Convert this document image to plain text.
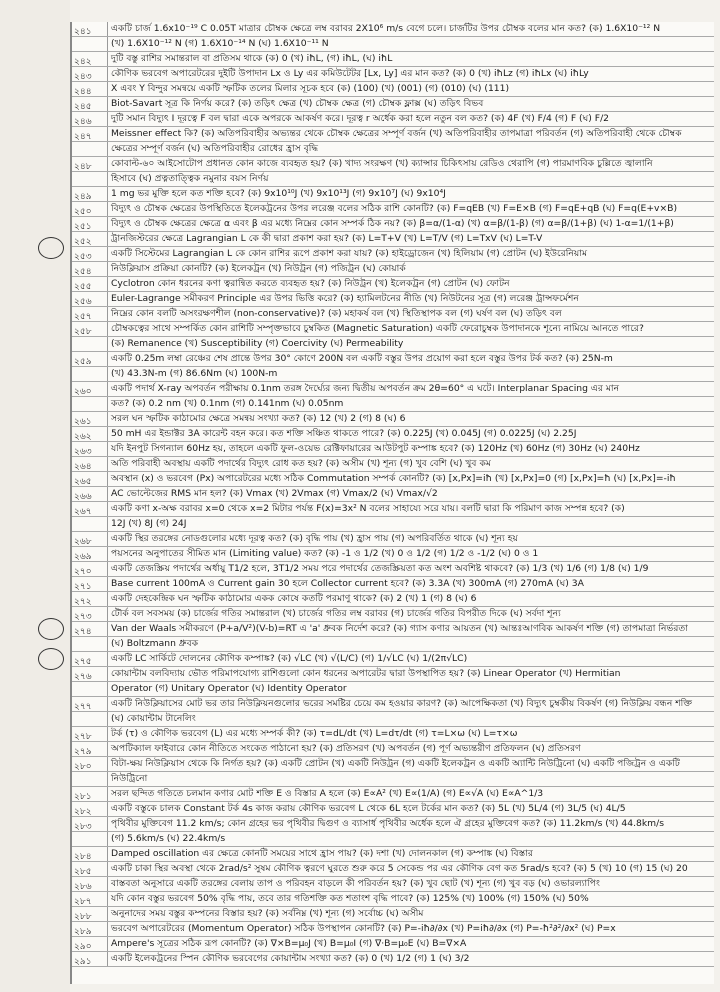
২৪১	একটি চার্জ 1.6x10⁻¹⁹ C 0.05T মাত্রার চৌম্বক ক্ষেত্রে লম্ব বরাবর 2X10⁶ m/s বেগে চলে। চার্জটির উপর চৌম্বক বলের মান কত? (ক) 1.6X10⁻¹² N
(খ) 1.6X10⁻¹² N (গ) 1.6X10⁻¹⁴ N (ঘ) 1.6X10⁻¹¹ N
২৪২	দুটি বস্তু রাশির সমান্তরাল বা প্রতিসম থাকে (ক) 0 (খ) iħL, (গ) iħL, (ঘ) iħL
২৪৩	কৌণিক ভরবেগ অপারেটরের দুইটি উপাদান Lx ও Ly এর কমিউটেটর [Lx, Ly] এর মান কত? (ক) 0 (খ) iħLz (গ) iħLx (ঘ) iħLy
২৪৪	X এবং Y বিন্দুর সমন্বয়ে একটি স্ফটিক তলের মিলার সূচক হবে (ক) (100) (খ) (001) (গ) (010) (ঘ) (111)
২৪৫	Biot-Savart সূত্র কি নির্ণয় করে? (ক) তড়িৎ ক্ষেত্র (খ) চৌম্বক ক্ষেত্র (গ) চৌম্বক ফ্লাক্স (ঘ) তড়িৎ বিভব
২৪৬	দুটি সমান বিদ্যুৎ I দূরত্বে F বল দ্বারা একে অপরকে আকর্ষণ করে। দূরত্ব r অর্ধেক করা হলে নতুন বল কত? (ক) 4F (খ) F/4 (গ) F (ঘ) F/2
২৪৭	Meissner effect কি? (ক) অতিপরিবাহীর অভ্যন্তর থেকে চৌম্বক ক্ষেত্রের সম্পূর্ণ বর্জন (খ) অতিপরিবাহীর তাপমাত্রা পরিবর্তন (গ) অতিপরিবাহী থেকে চৌম্বক
ক্ষেত্রের সম্পূর্ণ বর্জন (ঘ) অতিপরিবাহীর রোধের হ্রাস বৃদ্ধি
২৪৮	কোবাল্ট-৬০ আইসোটোপ প্রধানত কোন কাজে ব্যবহৃত হয়? (ক) খাদ্য সংরক্ষণ (খ) ক্যান্সার চিকিৎসায় রেডিও থেরাপি (গ) পারমাণবিক চুল্লিতে জ্বালানি
হিসাবে (ঘ) প্রত্নতাত্ত্বিক নমুনার বয়স নির্ণয়
২৪৯	1 mg ভর মুক্তি হলে কত শক্তি হবে? (ক) 9x10¹⁰J (খ) 9x10¹³J (গ) 9x10⁷J (ঘ) 9x10⁴J
২৫০	বিদ্যুৎ ও চৌম্বক ক্ষেত্রের উপস্থিতিতে ইলেকট্রনের উপর লরেঞ্জ বলের সঠিক রাশি কোনটি? (ক) F=qEB (খ) F=E×B (গ) F=qE+qB (ঘ) F=q(E+v×B)
২৫১	বিদ্যুৎ ও চৌম্বক ক্ষেত্রের ক্ষেত্রে α এবং β এর মধ্যে নিম্নের কোন সম্পর্ক ঠিক নয়? (ক) β=α/(1-α) (খ) α=β/(1-β) (গ) α=β/(1+β) (ঘ) 1-α=1/(1+β)
২৫২	ট্রানজিস্টরের ক্ষেত্রে Lagrangian L কে কী দ্বারা প্রকাশ করা হয়? (ক) L=T+V (খ) L=T/V (গ) L=TxV (ঘ) L=T-V
২৫৩	একটি সিস্টেমের Lagrangian L কে কোন রাশির রূপে প্রকাশ করা যায়? (ক) হাইড্রোজেন (খ) হিলিয়াম (গ) প্রোটন (ঘ) ইউরেনিয়াম
২৫৪	নিউক্লিয়াস প্রক্রিয়া কোনটি? (ক) ইলেকট্রন (খ) নিউট্রন (গ) পজিট্রন (ঘ) কোয়ার্ক
২৫৫	Cyclotron কোন ধরনের কণা ত্বরান্বিত করতে ব্যবহৃত হয়? (ক) নিউট্রন (খ) ইলেকট্রন (গ) প্রোটন (ঘ) ফোটন
২৫৬	Euler-Lagrange সমীকরণ Principle এর উপর ভিত্তি করে? (ক) হ্যামিলটনের নীতি (খ) নিউটনের সূত্র (গ) লরেঞ্জ ট্রান্সফর্মেশন
২৫৭	নিম্নের কোন বলটি অসংরক্ষণশীল (non-conservative)? (ক) মহাকর্ষ বল (খ) স্থিতিস্থাপক বল (গ) ঘর্ষণ বল (ঘ) তড়িৎ বল
২৫৮	চৌম্বকত্বের সাথে সম্পর্কিত কোন রাশিটি সম্পৃক্তভাবে চুম্বকিত (Magnetic Saturation) একটি ফেরোচুম্বক উপাদানকে শূন্যে নামিয়ে আনতে পারে?
(ক) Remanence (খ) Susceptibility (গ) Coercivity (ঘ) Permeability
২৫৯	একটি 0.25m লম্বা রেঞ্চের শেষ প্রান্তে উপর 30° কোণে 200N বল একটি বস্তুর উপর প্রয়োগ করা হলে বস্তুর উপর টর্ক কত? (ক) 25N-m
(খ) 43.3N-m (গ) 86.6Nm (ঘ) 100N-m
২৬০	একটি পদার্থ X-ray অপবর্তন পরীক্ষায় 0.1nm তরঙ্গ দৈর্ঘ্যের জন্য দ্বিতীয় অপবর্তন ক্রম 2θ=60° এ ঘটে। Interplanar Spacing এর মান
কত? (ক) 0.2 nm (খ) 0.1nm (গ) 0.141nm (ঘ) 0.05nm
২৬১	সরল ঘন স্ফটিক কাঠামোর ক্ষেত্রে সমন্বয় সংখ্যা কত? (ক) 12 (খ) 2 (গ) 8 (ঘ) 6
২৬২	50 mH এর ইন্ডাক্টর 3A কারেন্ট বহন করে। কত শক্তি সঞ্চিত থাকতে পারে? (ক) 0.225J (খ) 0.045J (গ) 0.0225J (ঘ) 2.25J
২৬৩	যদি ইনপুট সিগন্যাল 60Hz হয়, তাহলে একটি ফুল-ওয়েভ রেক্টিফায়ারের আউটপুট কম্পাঙ্ক হবে? (ক) 120Hz (খ) 60Hz (গ) 30Hz (ঘ) 240Hz
২৬৪	অতি পরিবাহী অবস্থায় একটি পদার্থের বিদ্যুৎ রোধ কত হয়? (ক) অসীম (খ) শূন্য (গ) খুব বেশি (ঘ) খুব কম
২৬৫	অবস্থান (x) ও ভরবেগ (Px) অপারেটরের মধ্যে সঠিক Commutation সম্পর্ক কোনটি? (ক) [x,Px]=iħ (খ) [x,Px]=0 (গ) [x,Px]=ħ (ঘ) [x,Px]=-iħ
২৬৬	AC ভোল্টেজের RMS মান হল? (ক) Vmax (খ) 2Vmax (গ) Vmax/2 (ঘ) Vmax/√2
২৬৭	একটি কণা x-অক্ষ বরাবর x=0 থেকে x=2 মিটার পর্যন্ত F(x)=3x² N বলের সাহায্যে সরে যায়। বলটি দ্বারা কি পরিমাণ কাজ সম্পন্ন হবে? (ক)
12J (খ) 8J (গ) 24J
২৬৮	একটি স্থির তরঙ্গের নোডগুলোর মধ্যে দূরত্ব কত? (ক) বৃদ্ধি পায় (খ) হ্রাস পায় (গ) অপরিবর্তিত থাকে (ঘ) শূন্য হয়
২৬৯	পয়সনের অনুপাতের সীমিত মান (Limiting value) কত? (ক) -1 ও 1/2 (খ) 0 ও 1/2 (গ) 1/2 ও -1/2 (ঘ) 0 ও 1
২৭০	একটি তেজস্ক্রিয় পদার্থের অর্ধায়ু T1/2 হলে, 3T1/2 সময় পরে পদার্থের তেজস্ক্রিয়তা কত অংশ অবশিষ্ট থাকবে? (ক) 1/3 (খ) 1/6 (গ) 1/8 (ঘ) 1/9
২৭১	Base current 100mA ও Current gain 30 হলে Collector current হবে? (ক) 3.3A (খ) 300mA (গ) 270mA (ঘ) 3A
২৭২	একটি দেহকেন্দ্রিক ঘন স্ফটিক কাঠামোর একক কোষে কতটি পরমাণু থাকে? (ক) 2 (খ) 1 (গ) 8 (ঘ) 6
২৭৩	টৌর্ক বল সবসময় (ক) চার্জের গতির সমান্তরাল (খ) চার্জের গতির লম্ব বরাবর (গ) চার্জের গতির বিপরীত দিকে (ঘ) সর্বদা শূন্য
২৭৪	Van der Waals সমীকরণে (P+a/V²)(V-b)=RT এ 'a' ধ্রুবক নির্দেশ করে? (ক) গ্যাস কণার আয়তন (খ) আন্তঃআণবিক আকর্ষণ শক্তি (গ) তাপমাত্রা নির্ভরতা
(ঘ) Boltzmann ধ্রুবক
২৭৫	একটি LC সার্কিটে দোলনের কৌণিক কম্পাঙ্ক? (ক) √LC (খ) √(L/C) (গ) 1/√LC (ঘ) 1/(2π√LC)
২৭৬	কোয়ান্টাম বলবিদ্যায় ভৌত পরিমাপযোগ্য রাশিগুলো কোন ধরনের অপারেটর দ্বারা উপস্থাপিত হয়? (ক) Linear Operator (খ) Hermitian
Operator (গ) Unitary Operator (ঘ) Identity Operator
২৭৭	একটি নিউক্লিয়াসের মোট ভর তার নিউক্লিয়নগুলোর ভরের সমষ্টির চেয়ে কম হওয়ার কারণ? (ক) আপেক্ষিকতা (খ) বিদ্যুৎ চুম্বকীয় বিকর্ষণ (গ) নিউক্লিয় বন্ধন শক্তি
(ঘ) কোয়ান্টাম টানেলিং
২৭৮	টর্ক (τ) ও কৌণিক ভরবেগ (L) এর মধ্যে সম্পর্ক কী? (ক) τ=dL/dt (খ) L=dτ/dt (গ) τ=L×ω (ঘ) L=τ×ω
২৭৯	অপটিক্যাল ফাইবারে কোন নীতিতে সংকেত পাঠানো হয়? (ক) প্রতিসরণ (খ) অপবর্তন (গ) পূর্ণ অভ্যন্তরীণ প্রতিফলন (ঘ) প্রতিসরণ
২৮০	বিটা-ক্ষয় নিউক্লিয়াস থেকে কি নির্গত হয়? (ক) একটি প্রোটন (খ) একটি নিউট্রন (গ) একটি ইলেকট্রন ও একটি অ্যান্টি নিউট্রিনো (ঘ) একটি পজিট্রন ও একটি
নিউট্রিনো
২৮১	সরল ছন্দিত গতিতে চলমান কণার মোট শক্তি E ও বিস্তার A হলে (ক) E∝A² (খ) E∝(1/A) (গ) E∝√A (ঘ) E∝A^1/3
২৮২	একটি বস্তুকে চালক Constant টর্ক 4s কাজ করায় কৌণিক ভরবেগ L থেকে 6L হলে টর্কের মান কত? (ক) 5L (খ) 5L/4 (গ) 3L/5 (ঘ) 4L/5
২৮৩	পৃথিবীর মুক্তিবেগ 11.2 km/s; কোন গ্রহের ভর পৃথিবীর দ্বিগুণ ও ব্যাসার্ধ পৃথিবীর অর্ধেক হলে ঐ গ্রহের মুক্তিবেগ কত? (ক) 11.2km/s (খ) 44.8km/s
(গ) 5.6km/s (ঘ) 22.4km/s
২৮৪	Damped oscillation এর ক্ষেত্রে কোনটি সময়ের সাথে হ্রাস পায়? (ক) দশা (খ) দোলনকাল (গ) কম্পাঙ্ক (ঘ) বিস্তার
২৮৫	একটি চাকা স্থির অবস্থা থেকে 2rad/s² সুষম কৌণিক ত্বরণে ঘুরতে শুরু করে 5 সেকেন্ড পর এর কৌণিক বেগ কত 5rad/s হবে? (ক) 5 (খ) 10 (গ) 15 (ঘ) 20
২৮৬	বাস্তবতা অনুসারে একটি তরঙ্গের বেলায় তাপ ও পরিবহন বাড়লে কী পরিবর্তন হয়? (ক) খুব ছোট (খ) শূন্য (গ) খুব বড় (ঘ) ওভারল্যাপিং
২৮৭	যদি কোন বস্তুর ভরবেগ 50% বৃদ্ধি পায়, তবে তার গতিশক্তি কত শতাংশ বৃদ্ধি পাবে? (ক) 125% (খ) 100% (গ) 150% (ঘ) 50%
২৮৮	অনুনাদের সময় বস্তুর কম্পনের বিস্তার হয়? (ক) সর্বনিম্ন (খ) শূন্য (গ) সর্বোচ্চ (ঘ) অসীম
২৮৯	ভরবেগ অপারেটরের (Momentum Operator) সঠিক উপস্থাপন কোনটি? (ক) P=-iħ∂/∂x (খ) P=iħ∂/∂x (গ) P=-ħ²∂²/∂x² (ঘ) P=x
২৯০	Ampere's সূত্রের সঠিক রূপ কোনটি? (ক) ∇×B=μ₀J (খ) B=μ₀I (গ) ∇·B=μ₀E (ঘ) B=∇×A
২৯১	একটি ইলেকট্রনের স্পিন কৌণিক ভরবেগের কোয়ান্টাম সংখ্যা কত? (ক) 0 (খ) 1/2 (গ) 1 (ঘ) 3/2
